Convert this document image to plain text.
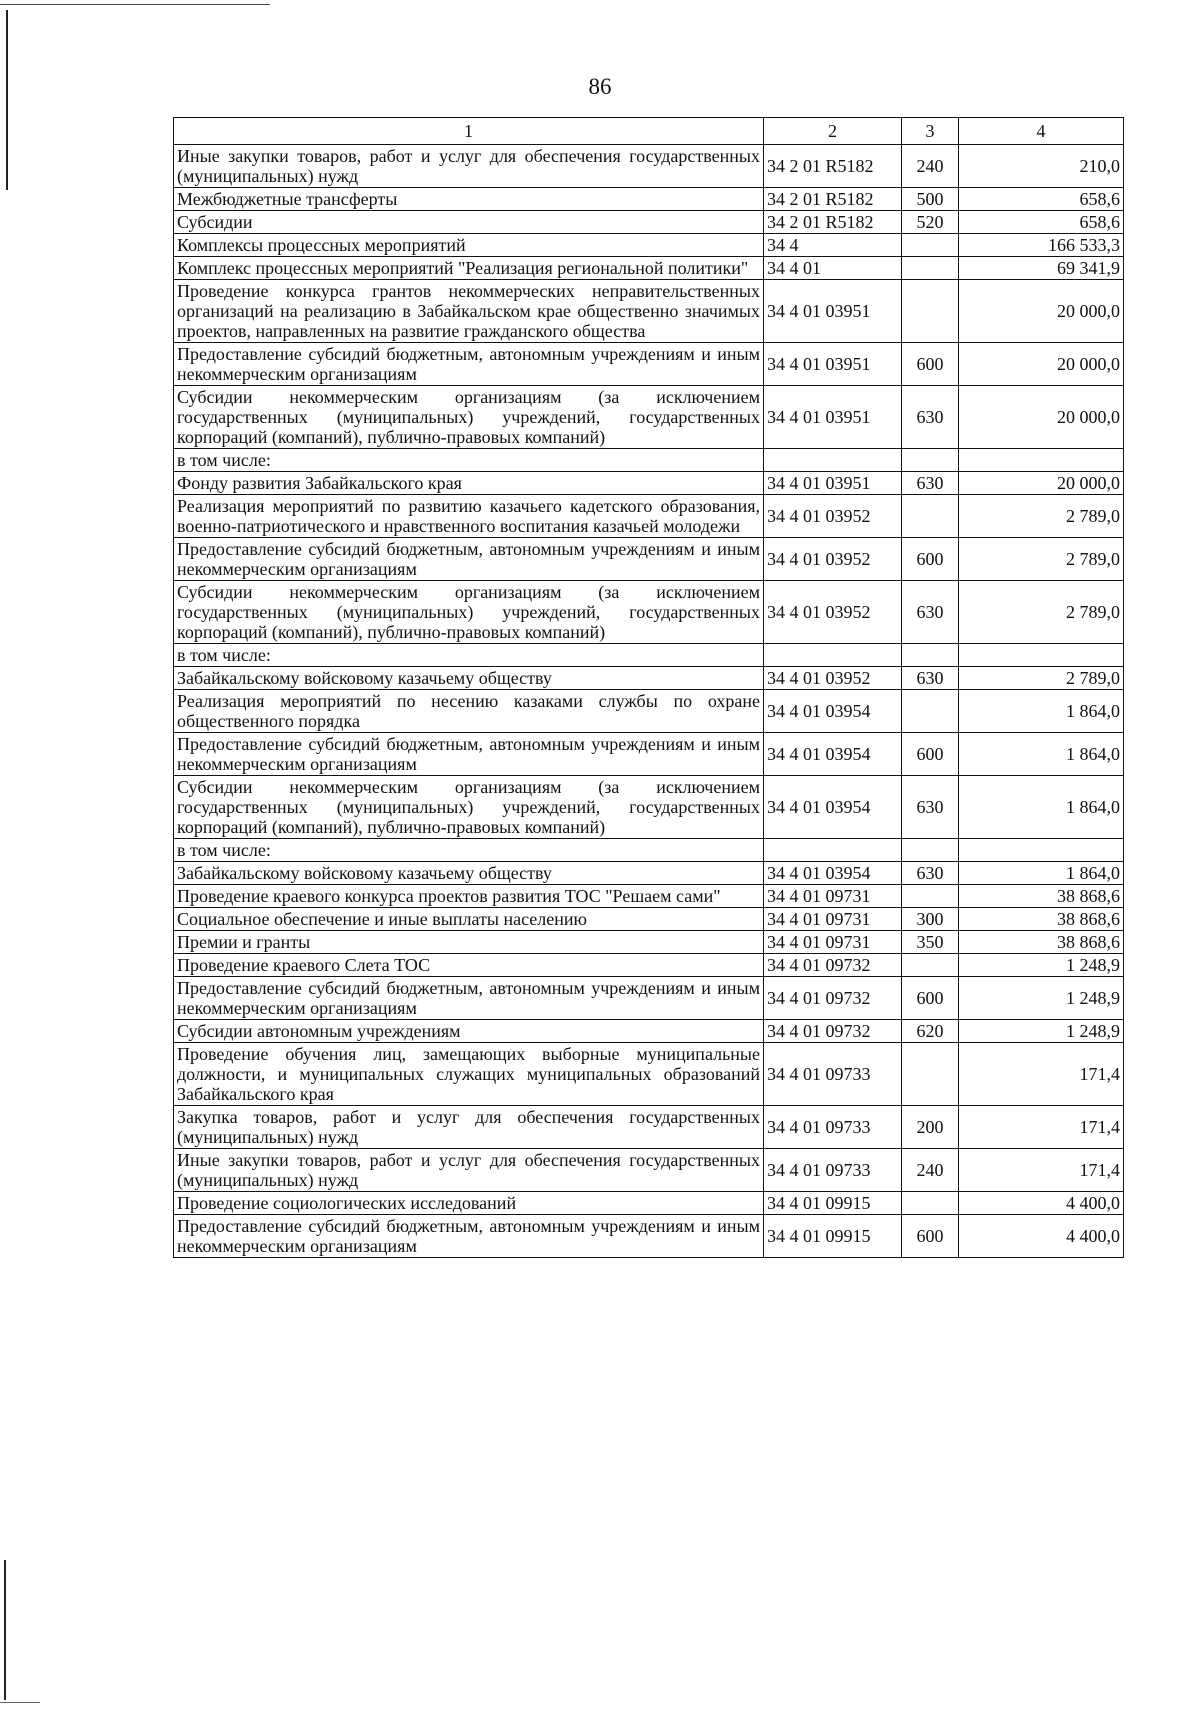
86
1	2	3	4
Иные закупки товаров, работ и услуг для обеспечения государственных (муниципальных) нужд	34 2 01 R5182	240	210,0
Межбюджетные трансферты	34 2 01 R5182	500	658,6
Субсидии	34 2 01 R5182	520	658,6
Комплексы процессных мероприятий	34 4		166 533,3
Комплекс процессных мероприятий "Реализация региональной политики"	34 4 01		69 341,9
Проведение конкурса грантов некоммерческих неправительственных организаций на реализацию в Забайкальском крае общественно значимых проектов, направленных на развитие гражданского общества	34 4 01 03951		20 000,0
Предоставление субсидий бюджетным, автономным учреждениям и иным некоммерческим организациям	34 4 01 03951	600	20 000,0
Субсидии некоммерческим организациям (за исключением государственных (муниципальных) учреждений, государственных корпораций (компаний), публично-правовых компаний)	34 4 01 03951	630	20 000,0
в том числе:			
Фонду развития Забайкальского края	34 4 01 03951	630	20 000,0
Реализация мероприятий по развитию казачьего кадетского образования, военно-патриотического и нравственного воспитания казачьей молодежи	34 4 01 03952		2 789,0
Предоставление субсидий бюджетным, автономным учреждениям и иным некоммерческим организациям	34 4 01 03952	600	2 789,0
Субсидии некоммерческим организациям (за исключением государственных (муниципальных) учреждений, государственных корпораций (компаний), публично-правовых компаний)	34 4 01 03952	630	2 789,0
в том числе:			
Забайкальскому войсковому казачьему обществу	34 4 01 03952	630	2 789,0
Реализация мероприятий по несению казаками службы по охране общественного порядка	34 4 01 03954		1 864,0
Предоставление субсидий бюджетным, автономным учреждениям и иным некоммерческим организациям	34 4 01 03954	600	1 864,0
Субсидии некоммерческим организациям (за исключением государственных (муниципальных) учреждений, государственных корпораций (компаний), публично-правовых компаний)	34 4 01 03954	630	1 864,0
в том числе:			
Забайкальскому войсковому казачьему обществу	34 4 01 03954	630	1 864,0
Проведение краевого конкурса проектов развития ТОС "Решаем сами"	34 4 01 09731		38 868,6
Социальное обеспечение и иные выплаты населению	34 4 01 09731	300	38 868,6
Премии и гранты	34 4 01 09731	350	38 868,6
Проведение краевого Слета ТОС	34 4 01 09732		1 248,9
Предоставление субсидий бюджетным, автономным учреждениям и иным некоммерческим организациям	34 4 01 09732	600	1 248,9
Субсидии автономным учреждениям	34 4 01 09732	620	1 248,9
Проведение обучения лиц, замещающих выборные муниципальные должности, и муниципальных служащих муниципальных образований Забайкальского края	34 4 01 09733		171,4
Закупка товаров, работ и услуг для обеспечения государственных (муниципальных) нужд	34 4 01 09733	200	171,4
Иные закупки товаров, работ и услуг для обеспечения государственных (муниципальных) нужд	34 4 01 09733	240	171,4
Проведение социологических исследований	34 4 01 09915		4 400,0
Предоставление субсидий бюджетным, автономным учреждениям и иным некоммерческим организациям	34 4 01 09915	600	4 400,0
